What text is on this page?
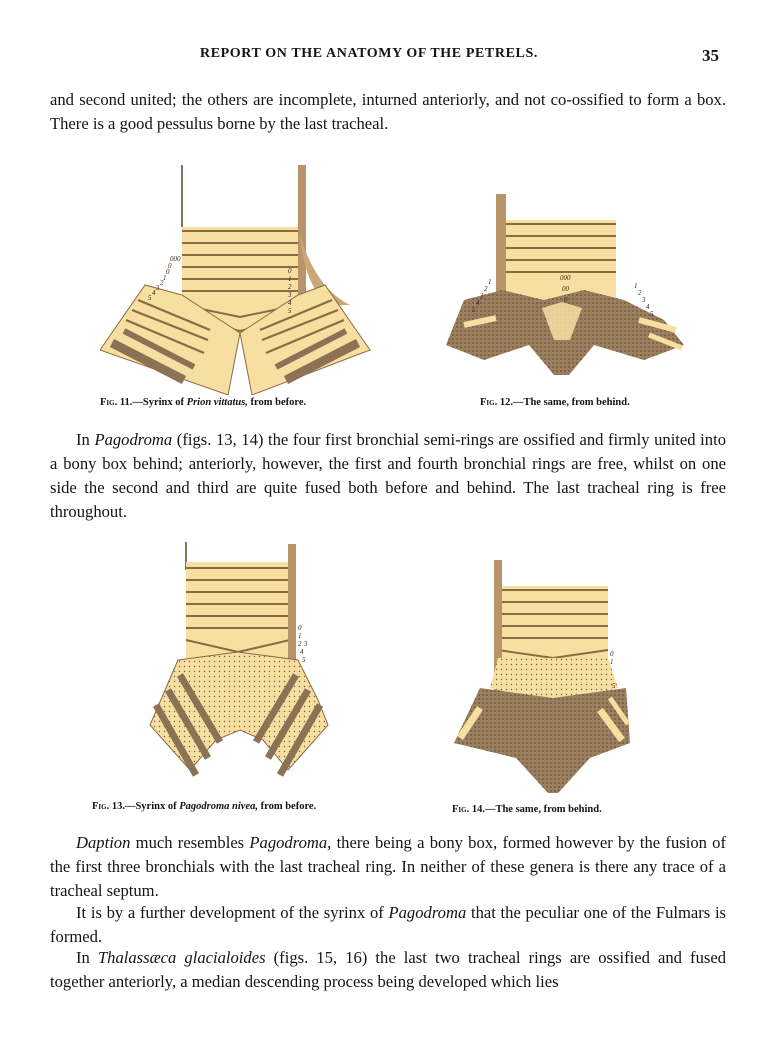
REPORT ON THE ANATOMY OF THE PETRELS.	35

and second united; the others are incomplete, inturned anteriorly, and not co-ossified to form a box. There is a good pessulus borne by the last tracheal.

000
0
0
1
2
3
4
5
0
1
2
3
4
5
Fig. 11.—Syrinx of Prion vittatus, from before.
000
00
0
5
4
3
2
1	1
2
3
4
5
Fig. 12.—The same, from behind.

In Pagodroma (figs. 13, 14) the four first bronchial semi-rings are ossified and firmly united into a bony box behind; anteriorly, however, the first and fourth bronchial rings are free, whilst on one side the second and third are quite fused both before and behind. The last tracheal ring is free throughout.

0
1
2 3
4
5
Fig. 13.—Syrinx of Pagodroma nivea, from before.
0
1
5
Fig. 14.—The same, from behind.

Daption much resembles Pagodroma, there being a bony box, formed however by the fusion of the first three bronchials with the last tracheal ring. In neither of these genera is there any trace of a tracheal septum.

It is by a further development of the syrinx of Pagodroma that the peculiar one of the Fulmars is formed.

In Thalassæca glacialoides (figs. 15, 16) the last two tracheal rings are ossified and fused together anteriorly, a median descending process being developed which lies
